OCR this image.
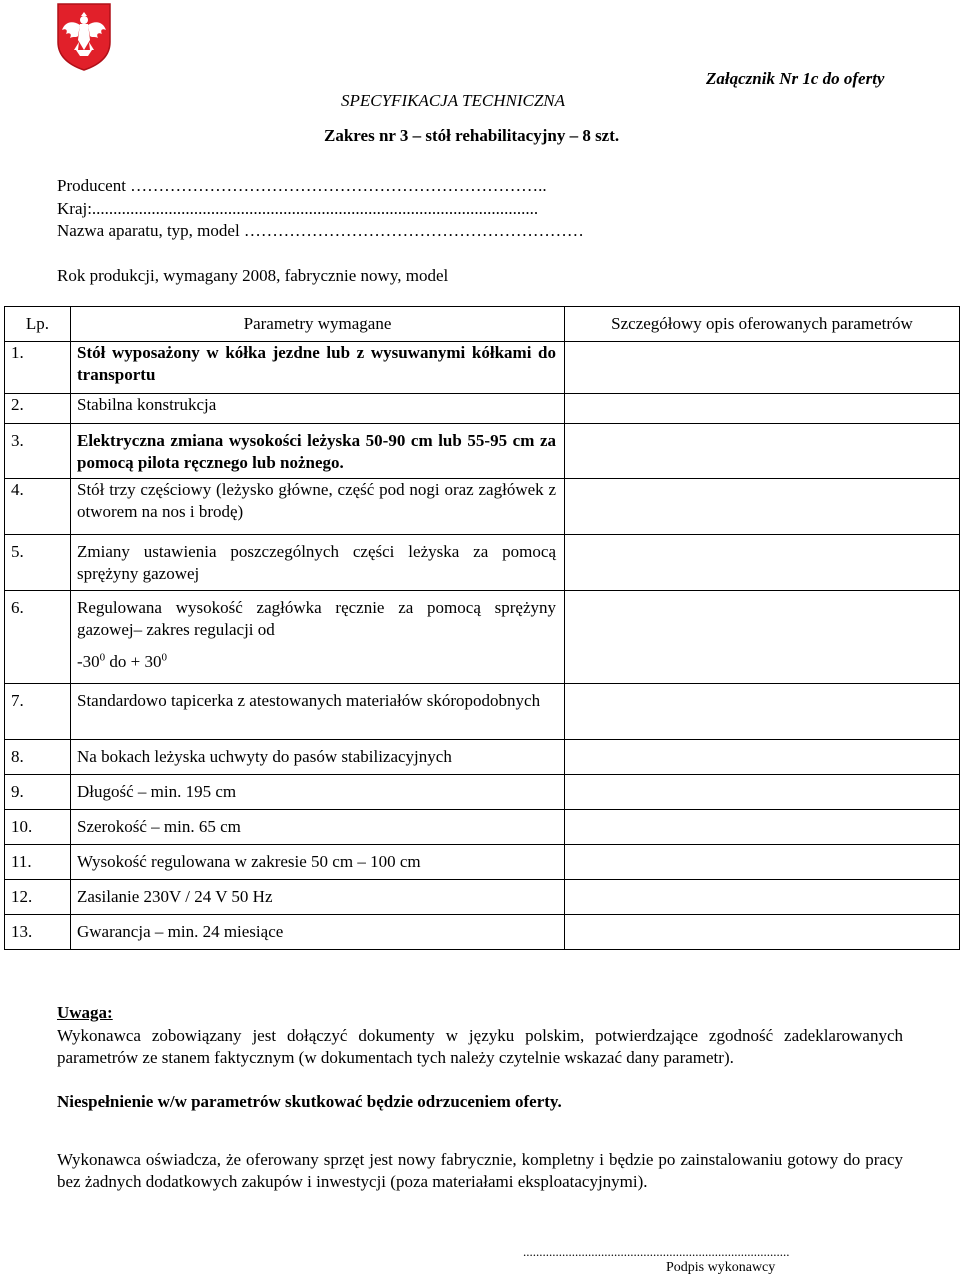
Załącznik Nr 1c do oferty
SPECYFIKACJA TECHNICZNA
Zakres nr 3 – stół rehabilitacyjny – 8 szt.
Producent ………………………………………………………………..
Kraj:.........................................................................................................
Nazwa aparatu, typ, model ……………………………………………………
Rok produkcji, wymagany 2008, fabrycznie nowy, model
Lp.	Parametry wymagane	Szczegółowy opis oferowanych parametrów
1.	Stół wyposażony w kółka jezdne lub z wysuwanymi kółkami do transportu	
2.	Stabilna konstrukcja	
3.	Elektryczna zmiana wysokości leżyska 50-90 cm lub 55-95 cm za pomocą pilota ręcznego lub nożnego.	
4.	Stół trzy częściowy (leżysko główne, część pod nogi oraz zagłówek z otworem na nos i brodę)	
5.	Zmiany ustawienia poszczególnych części leżyska za pomocą sprężyny gazowej	
6.	Regulowana wysokość zagłówka ręcznie za pomocą sprężyny gazowej– zakres regulacji od
$-30^0$ do + $30^0$

7.	Standardowo tapicerka z atestowanych materiałów skóropodobnych	
8.	Na bokach leżyska uchwyty do pasów stabilizacyjnych	
9.	Długość – min. 195 cm	
10.	Szerokość – min. 65 cm	
11.	Wysokość regulowana w zakresie 50 cm – 100 cm	
12.	Zasilanie 230V / 24 V 50 Hz	
13.	Gwarancja – min. 24 miesiące	
Uwaga:
Wykonawca zobowiązany jest dołączyć dokumenty w języku polskim, potwierdzające zgodność zadeklarowanych parametrów ze stanem faktycznym (w dokumentach tych należy czytelnie wskazać dany parametr).
Niespełnienie w/w parametrów skutkować będzie odrzuceniem oferty.
Wykonawca oświadcza, że oferowany sprzęt jest nowy fabrycznie, kompletny i będzie po zainstalowaniu gotowy do pracy bez żadnych dodatkowych zakupów i inwestycji (poza materiałami eksploatacyjnymi).
..................................................................................
Podpis wykonawcy
